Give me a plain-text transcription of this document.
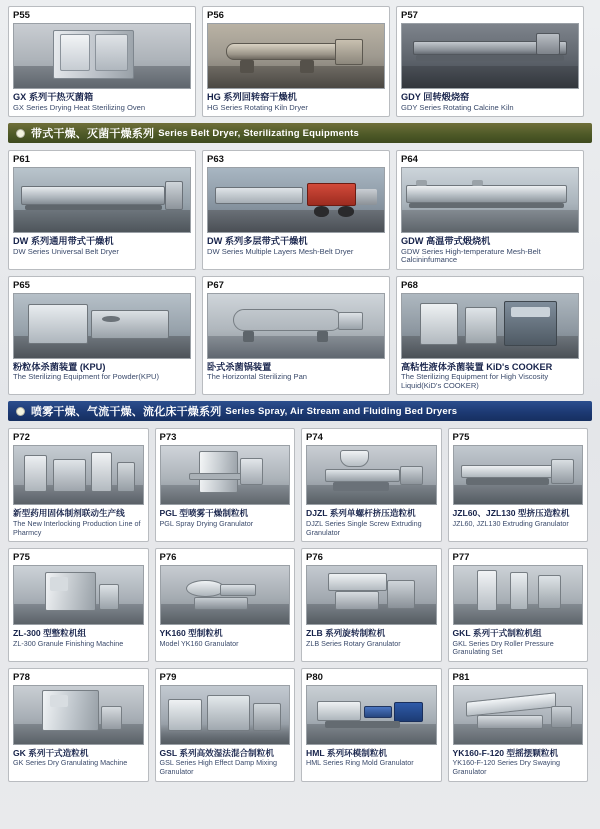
P55
GX 系列干热灭菌箱
GX Series Drying Heat Sterilizing Oven
P56
HG 系列回转窑干燥机
HG Series Rotating Kiln Dryer
P57
GDY 回转煅烧窑
GDY Series Rotating Calcine Kiln
带式干燥、灭菌干燥系列 Series Belt Dryer, Sterilizating Equipments
P61
DW 系列通用带式干燥机
DW Series Universal Belt Dryer
P63
DW 系列多层带式干燥机
DW Series Multiple Layers Mesh-Belt Dryer
P64
GDW 高温带式煅烧机
GDW Series High-temperature Mesh-Belt Calcininfumance
P65
粉粒体杀菌装置 (KPU)
The Sterilizing Equipment for Powder(KPU)
P67
卧式杀菌锅装置
The Horizontal Sterilizing Pan
P68
高粘性液体杀菌装置 KiD's COOKER
The Sterilizing Equipment for High Viscosity Liquid(KiD's COOKER)
喷雾干燥、气流干燥、流化床干燥系列 Series Spray, Air Stream and Fluiding Bed Dryers
P72
新型药用固体制剂联动生产线
The New Interlocking Production Line of Pharmcy
P73
PGL 型喷雾干燥制粒机
PGL Spray Drying Granulator
P74
DJZL 系列单螺杆挤压造粒机
DJZL Series Single Screw Extruding Granulator
P75
JZL60、JZL130 型挤压造粒机
JZL60, JZL130 Extruding Granulator
P75
ZL-300 型整粒机组
ZL-300 Granule Finishing Machine
P76
YK160 型制粒机
Model YK160 Granulator
P76
ZLB 系列旋转制粒机
ZLB Series Rotary Granulator
P77
GKL 系列干式制粒机组
GKL Series Dry Roller Pressure Granulating Set
P78
GK 系列干式造粒机
GK Series Dry Granulating Machine
P79
GSL 系列高效湿法混合制粒机
GSL Series High Effect Damp Mixing Granulator
P80
HML 系列环模制粒机
HML Series Ring Mold Granulator
P81
YK160-F-120 型摇摆颗粒机
YK160-F-120 Series Dry Swaying Granulator
